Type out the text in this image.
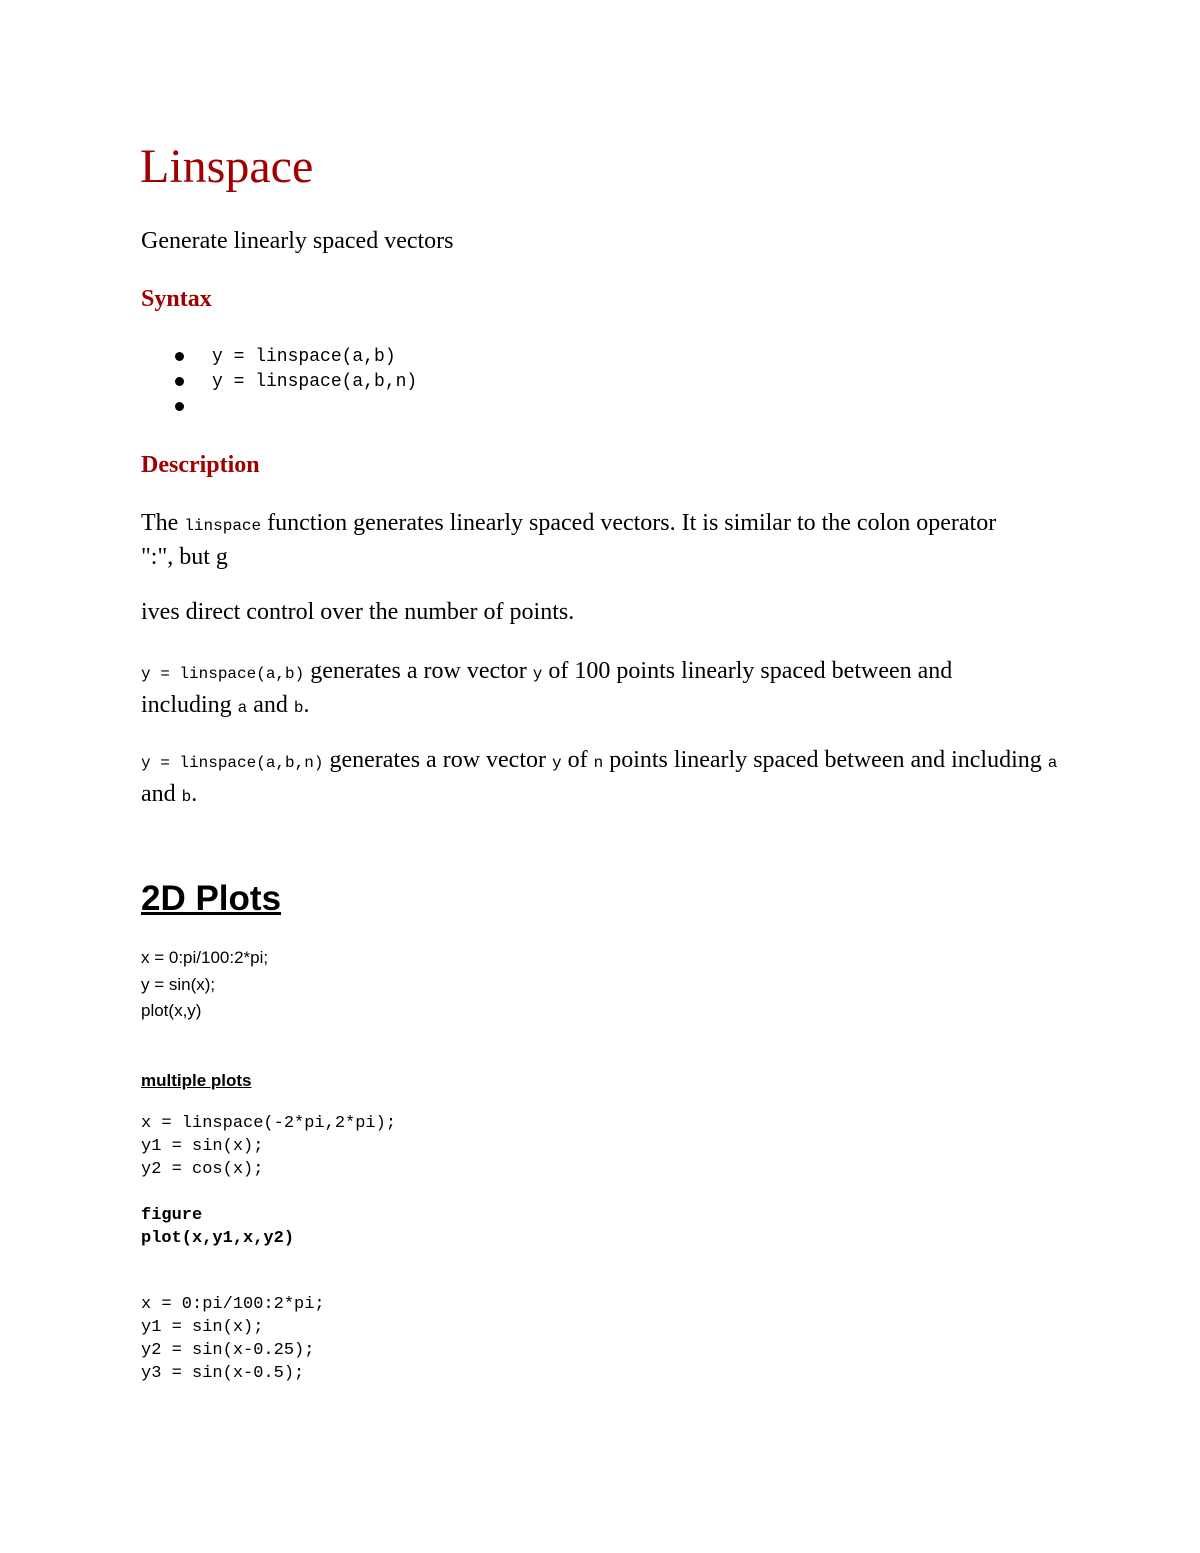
Linspace
Generate linearly spaced vectors
Syntax
y = linspace(a,b)
y = linspace(a,b,n)
Description

The linspace function generates linearly spaced vectors. It is similar to the colon operator ":", but g

ives direct control over the number of points.

y = linspace(a,b) generates a row vector y of 100 points linearly spaced between and including a and b.

y = linspace(a,b,n) generates a row vector y of n points linearly spaced between and including a and b.

2D Plots
x = 0:pi/100:2*pi;
y = sin(x);
plot(x,y)
multiple plots
x = linspace(-2*pi,2*pi);
y1 = sin(x);
y2 = cos(x);
figure
plot(x,y1,x,y2)
x = 0:pi/100:2*pi;
y1 = sin(x);
y2 = sin(x-0.25);
y3 = sin(x-0.5);
